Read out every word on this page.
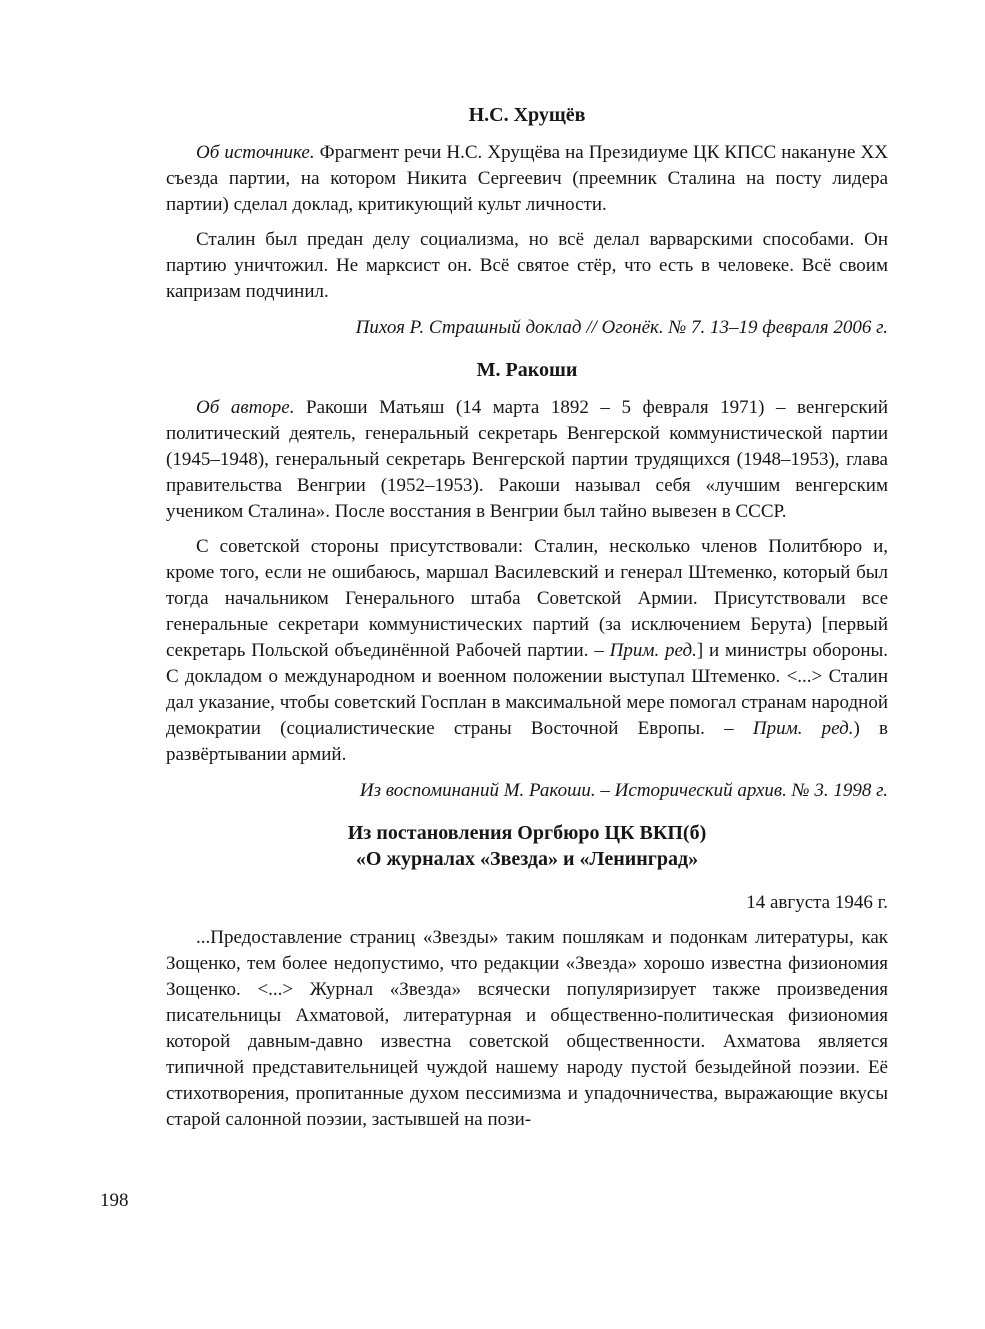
Н.С. Хрущёв

Об источнике. Фрагмент речи Н.С. Хрущёва на Президиуме ЦК КПСС накануне XX съезда партии, на котором Никита Сергеевич (преемник Сталина на посту лидера партии) сделал доклад, критикующий культ личности.

Сталин был предан делу социализма, но всё делал варварскими способами. Он партию уничтожил. Не марксист он. Всё святое стёр, что есть в человеке. Всё своим капризам подчинил.

Пихоя Р. Страшный доклад // Огонёк. № 7. 13–19 февраля 2006 г.

М. Ракоши

Об авторе. Ракоши Матьяш (14 марта 1892 – 5 февраля 1971) – венгерский политический деятель, генеральный секретарь Венгерской коммунистической партии (1945–1948), генеральный секретарь Венгерской партии трудящихся (1948–1953), глава правительства Венгрии (1952–1953). Ракоши называл себя «лучшим венгерским учеником Сталина». После восстания в Венгрии был тайно вывезен в СССР.

С советской стороны присутствовали: Сталин, несколько членов Политбюро и, кроме того, если не ошибаюсь, маршал Василевский и генерал Штеменко, который был тогда начальником Генерального штаба Советской Армии. Присутствовали все генеральные секретари коммунистических партий (за исключением Берута) [первый секретарь Польской объединённой Рабочей партии. – Прим. ред.] и министры обороны. С докладом о международном и военном положении выступал Штеменко. <...> Сталин дал указание, чтобы советский Госплан в максимальной мере помогал странам народной демократии (социалистические страны Восточной Европы. – Прим. ред.) в развёртывании армий.

Из воспоминаний М. Ракоши. – Исторический архив. № 3. 1998 г.

Из постановления Оргбюро ЦК ВКП(б)
«О журналах «Звезда» и «Ленинград»

14 августа 1946 г.

...Предоставление страниц «Звезды» таким пошлякам и подонкам литературы, как Зощенко, тем более недопустимо, что редакции «Звезда» хорошо известна физиономия Зощенко. <...> Журнал «Звезда» всячески популяризирует также произведения писательницы Ахматовой, литературная и общественно-политическая физиономия которой давным-давно известна советской общественности. Ахматова является типичной представительницей чуждой нашему народу пустой безыдейной поэзии. Её стихотворения, пропитанные духом пессимизма и упадочничества, выражающие вкусы старой салонной поэзии, застывшей на пози-

198
